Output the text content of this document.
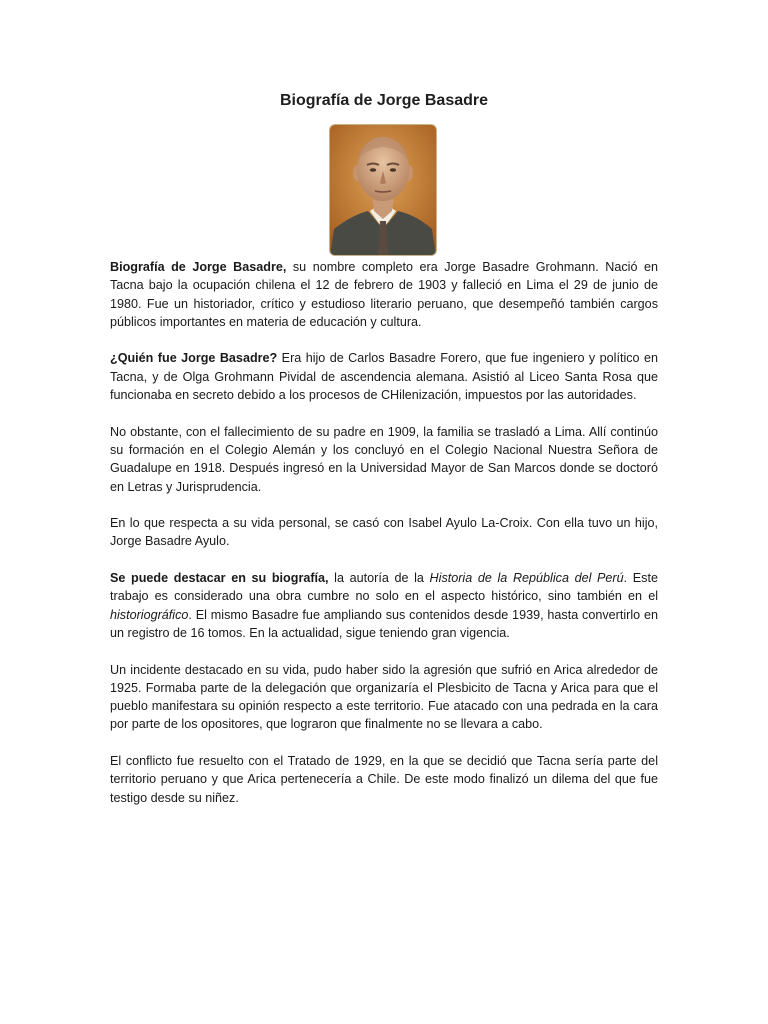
Biografía de Jorge Basadre

Biografía de Jorge Basadre, su nombre completo era Jorge Basadre Grohmann. Nació en Tacna bajo la ocupación chilena el 12 de febrero de 1903 y falleció en Lima el 29 de junio de 1980. Fue un historiador, crítico y estudioso literario peruano, que desempeñó también cargos públicos importantes en materia de educación y cultura.

¿Quién fue Jorge Basadre? Era hijo de Carlos Basadre Forero, que fue ingeniero y político en Tacna, y de Olga Grohmann Pividal de ascendencia alemana. Asistió al Liceo Santa Rosa que funcionaba en secreto debido a los procesos de CHilenización, impuestos por las autoridades.

No obstante, con el fallecimiento de su padre en 1909, la familia se trasladó a Lima. Allí continúo su formación en el Colegio Alemán y los concluyó en el Colegio Nacional Nuestra Señora de Guadalupe en 1918. Después ingresó en la Universidad Mayor de San Marcos donde se doctoró en Letras y Jurisprudencia.

En lo que respecta a su vida personal, se casó con Isabel Ayulo La-Croix. Con ella tuvo un hijo, Jorge Basadre Ayulo.

Se puede destacar en su biografía, la autoría de la Historia de la República del Perú. Este trabajo es considerado una obra cumbre no solo en el aspecto histórico, sino también en el historiográfico. El mismo Basadre fue ampliando sus contenidos desde 1939, hasta convertirlo en un registro de 16 tomos. En la actualidad, sigue teniendo gran vigencia.

Un incidente destacado en su vida, pudo haber sido la agresión que sufrió en Arica alrededor de 1925. Formaba parte de la delegación que organizaría el Plesbicito de Tacna y Arica para que el pueblo manifestara su opinión respecto a este territorio. Fue atacado con una pedrada en la cara por parte de los opositores, que lograron que finalmente no se llevara a cabo.

El conflicto fue resuelto con el Tratado de 1929, en la que se decidió que Tacna sería parte del territorio peruano y que Arica pertenecería a Chile. De este modo finalizó un dilema del que fue testigo desde su niñez.
